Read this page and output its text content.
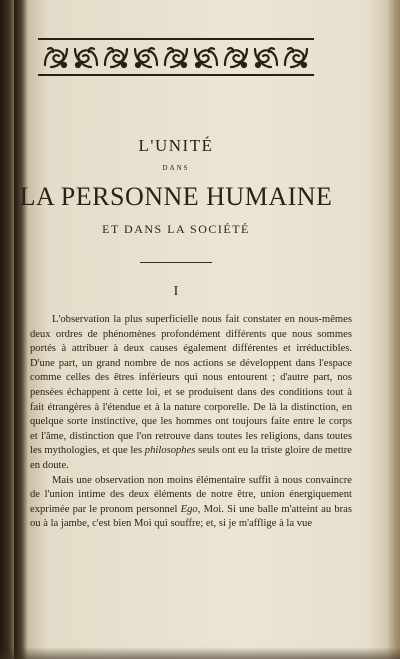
L'UNITÉ
DANS
LA PERSONNE HUMAINE
ET DANS LA SOCIÉTÉ
I

L'observation la plus superficielle nous fait constater en nous-mêmes deux ordres de phénomènes profondément différents que nous sommes portés à attribuer à deux causes également différentes et irréductibles. D'une part, un grand nombre de nos actions se développent dans l'espace comme celles des êtres inférieurs qui nous entourent ; d'autre part, nos pensées échappent à cette loi, et se produisent dans des conditions tout à fait étrangères à l'étendue et à la nature corporelle. De là la distinction, en quelque sorte instinctive, que les hommes ont toujours faite entre le corps et l'âme, distinction que l'on retrouve dans toutes les religions, dans toutes les mythologies, et que les philosophes seuls ont eu la triste gloire de mettre en doute.

Mais une observation non moins élémentaire suffit à nous convaincre de l'union intime des deux éléments de notre être, union énergiquement exprimée par le pronom personnel Ego, Moi. Si une balle m'atteint au bras ou à la jambe, c'est bien Moi qui souffre; et, si je m'afflige à la vue
